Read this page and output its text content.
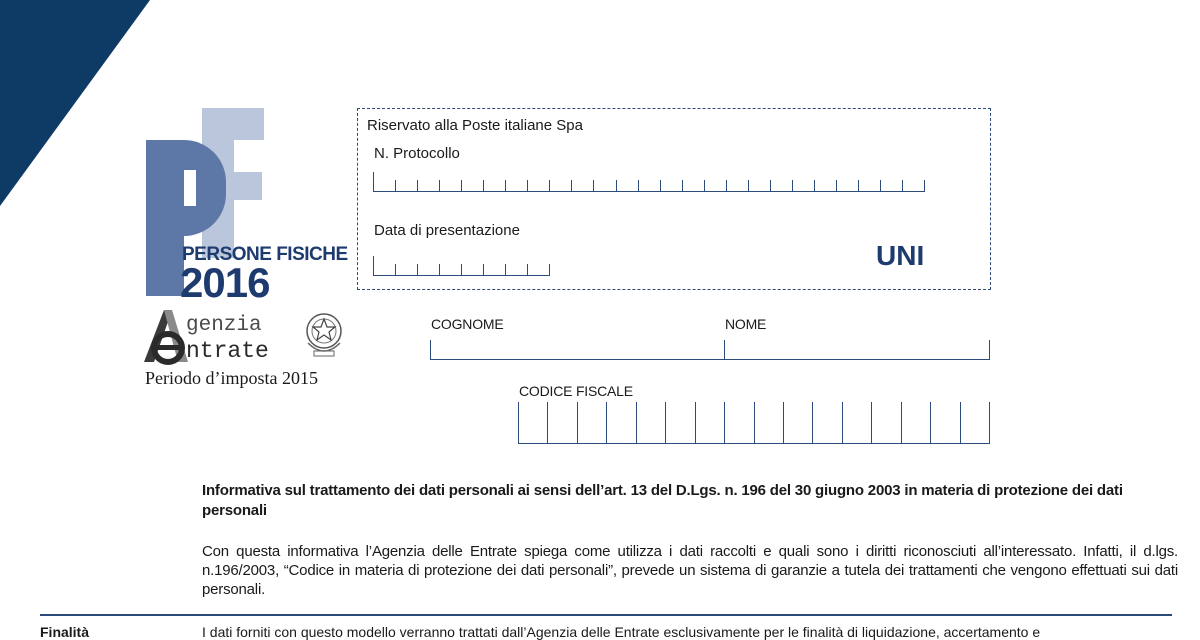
PERSONE FISICHE
2016
genzia
ntrate
Periodo d’imposta 2015
Riservato alla Poste italiane Spa
N. Protocollo
Data di presentazione
UNI
COGNOME	NOME
CODICE FISCALE
Informativa sul trattamento dei dati personali ai sensi dell’art. 13 del D.Lgs. n. 196 del 30 giugno 2003 in materia di protezione dei dati personali
Con questa informativa l’Agenzia delle Entrate spiega come utilizza i dati raccolti e quali sono i diritti riconosciuti all’interessato. Infatti, il d.lgs. n.196/2003, “Codice in materia di protezione dei dati personali”, prevede un sistema di garanzie a tutela dei trattamenti che vengono effettuati sui dati personali.
Finalità	I dati forniti con questo modello verranno trattati dall’Agenzia delle Entrate esclusivamente per le finalità di liquidazione, accertamento e
